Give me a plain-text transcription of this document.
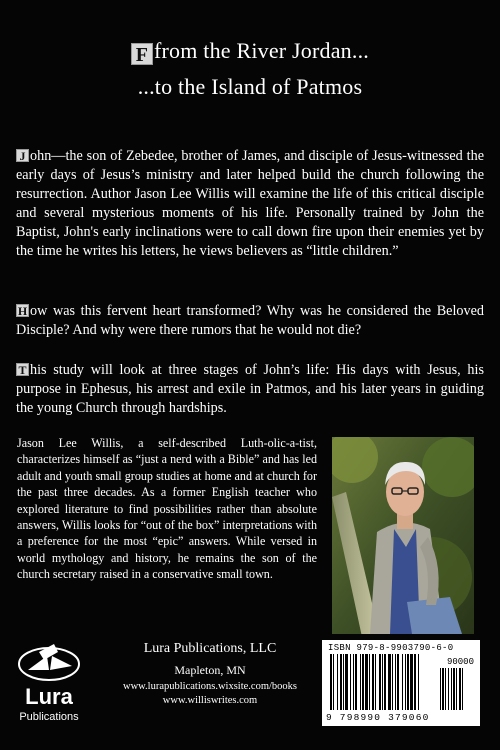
F from the River Jordan...
...to the Island of Patmos
J ohn—the son of Zebedee, brother of James, and disciple of Jesus-witnessed the early days of Jesus’s ministry and later helped build the church following the resurrection. Author Jason Lee Willis will examine the life of this critical disciple and several mysterious moments of his life. Personally trained by John the Baptist, John's early inclinations were to call down fire upon their enemies yet by the time he writes his letters, he views believers as “little children.”
H ow was this fervent heart transformed? Why was he considered the Beloved Disciple? And why were there rumors that he would not die?
T his study will look at three stages of John’s life: His days with Jesus, his purpose in Ephesus, his arrest and exile in Patmos, and his later years in guiding the young Church through hardships.
Jason Lee Willis, a self-described Luth-olic-a-tist, characterizes himself as “just a nerd with a Bible” and has led adult and youth small group studies at home and at church for the past three decades. As a former English teacher who explored literature to find possibilities rather than absolute answers, Willis looks for “out of the box” interpretations with a preference for the most “epic” answers. While versed in world mythology and history, he remains the son of the church secretary raised in a conservative small town.
Lura
Publications
Lura Publications, LLC
Mapleton, MN
www.lurapublications.wixsite.com/books
www.williswrites.com
ISBN 979-8-9903790-6-0
90000
9 798990 379060
